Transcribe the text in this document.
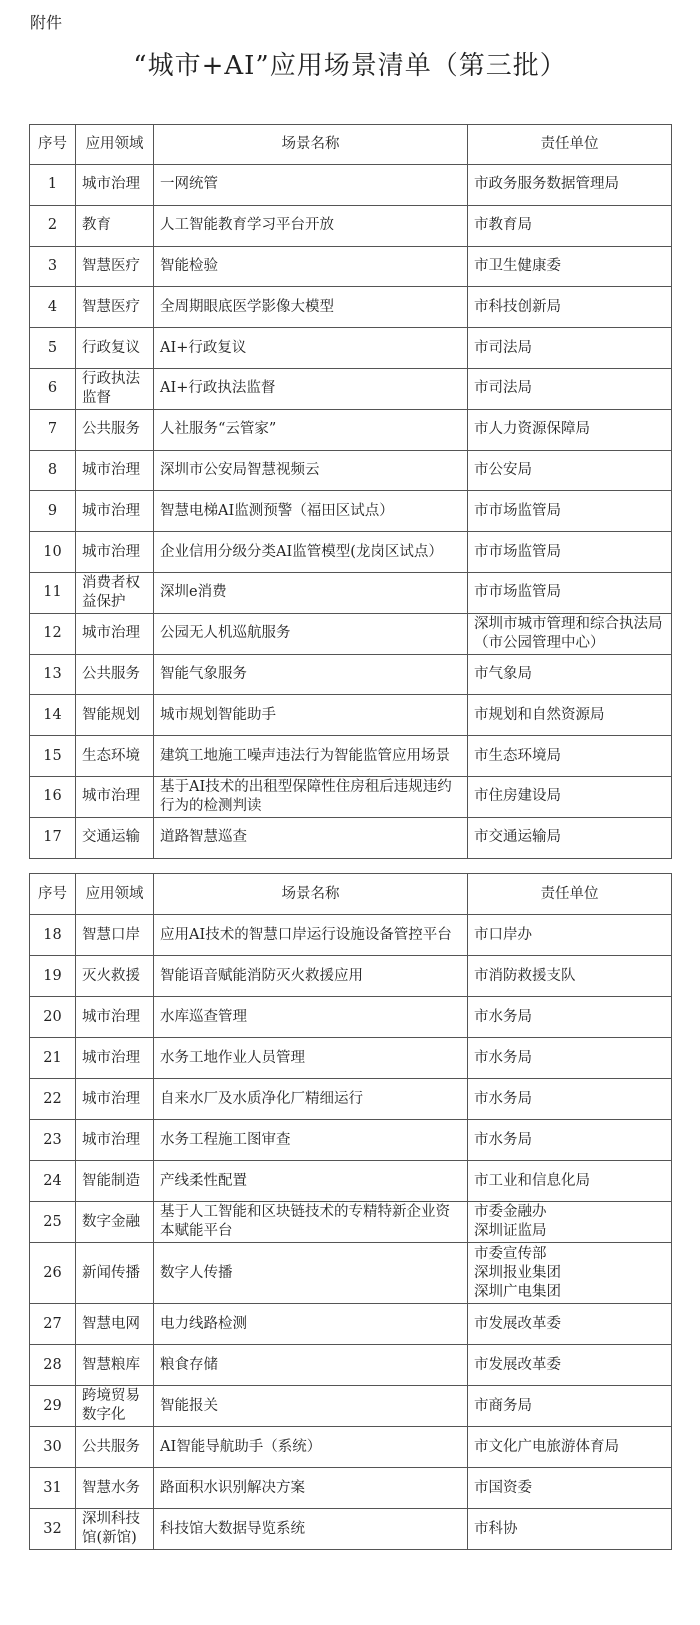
附件
“城市+AI”应用场景清单（第三批）
序号	应用领域	场景名称	责任单位
1	城市治理	一网统管	市政务服务数据管理局
2	教育	人工智能教育学习平台开放	市教育局
3	智慧医疗	智能检验	市卫生健康委
4	智慧医疗	全周期眼底医学影像大模型	市科技创新局
5	行政复议	AI+行政复议	市司法局
6	行政执法监督	AI+行政执法监督	市司法局
7	公共服务	人社服务“云管家”	市人力资源保障局
8	城市治理	深圳市公安局智慧视频云	市公安局
9	城市治理	智慧电梯AI监测预警（福田区试点）	市市场监管局
10	城市治理	企业信用分级分类AI监管模型(龙岗区试点）	市市场监管局
11	消费者权益保护	深圳e消费	市市场监管局
12	城市治理	公园无人机巡航服务	深圳市城市管理和综合执法局（市公园管理中心）
13	公共服务	智能气象服务	市气象局
14	智能规划	城市规划智能助手	市规划和自然资源局
15	生态环境	建筑工地施工噪声违法行为智能监管应用场景	市生态环境局
16	城市治理	基于AI技术的出租型保障性住房租后违规违约行为的检测判读	市住房建设局
17	交通运输	道路智慧巡查	市交通运输局
序号	应用领域	场景名称	责任单位
18	智慧口岸	应用AI技术的智慧口岸运行设施设备管控平台	市口岸办
19	灭火救援	智能语音赋能消防灭火救援应用	市消防救援支队
20	城市治理	水库巡查管理	市水务局
21	城市治理	水务工地作业人员管理	市水务局
22	城市治理	自来水厂及水质净化厂精细运行	市水务局
23	城市治理	水务工程施工图审查	市水务局
24	智能制造	产线柔性配置	市工业和信息化局
25	数字金融	基于人工智能和区块链技术的专精特新企业资本赋能平台	市委金融办
深圳证监局
26	新闻传播	数字人传播	市委宣传部
深圳报业集团
深圳广电集团
27	智慧电网	电力线路检测	市发展改革委
28	智慧粮库	粮食存储	市发展改革委
29	跨境贸易数字化	智能报关	市商务局
30	公共服务	AI智能导航助手（系统）	市文化广电旅游体育局
31	智慧水务	路面积水识别解决方案	市国资委
32	深圳科技馆(新馆)	科技馆大数据导览系统	市科协
